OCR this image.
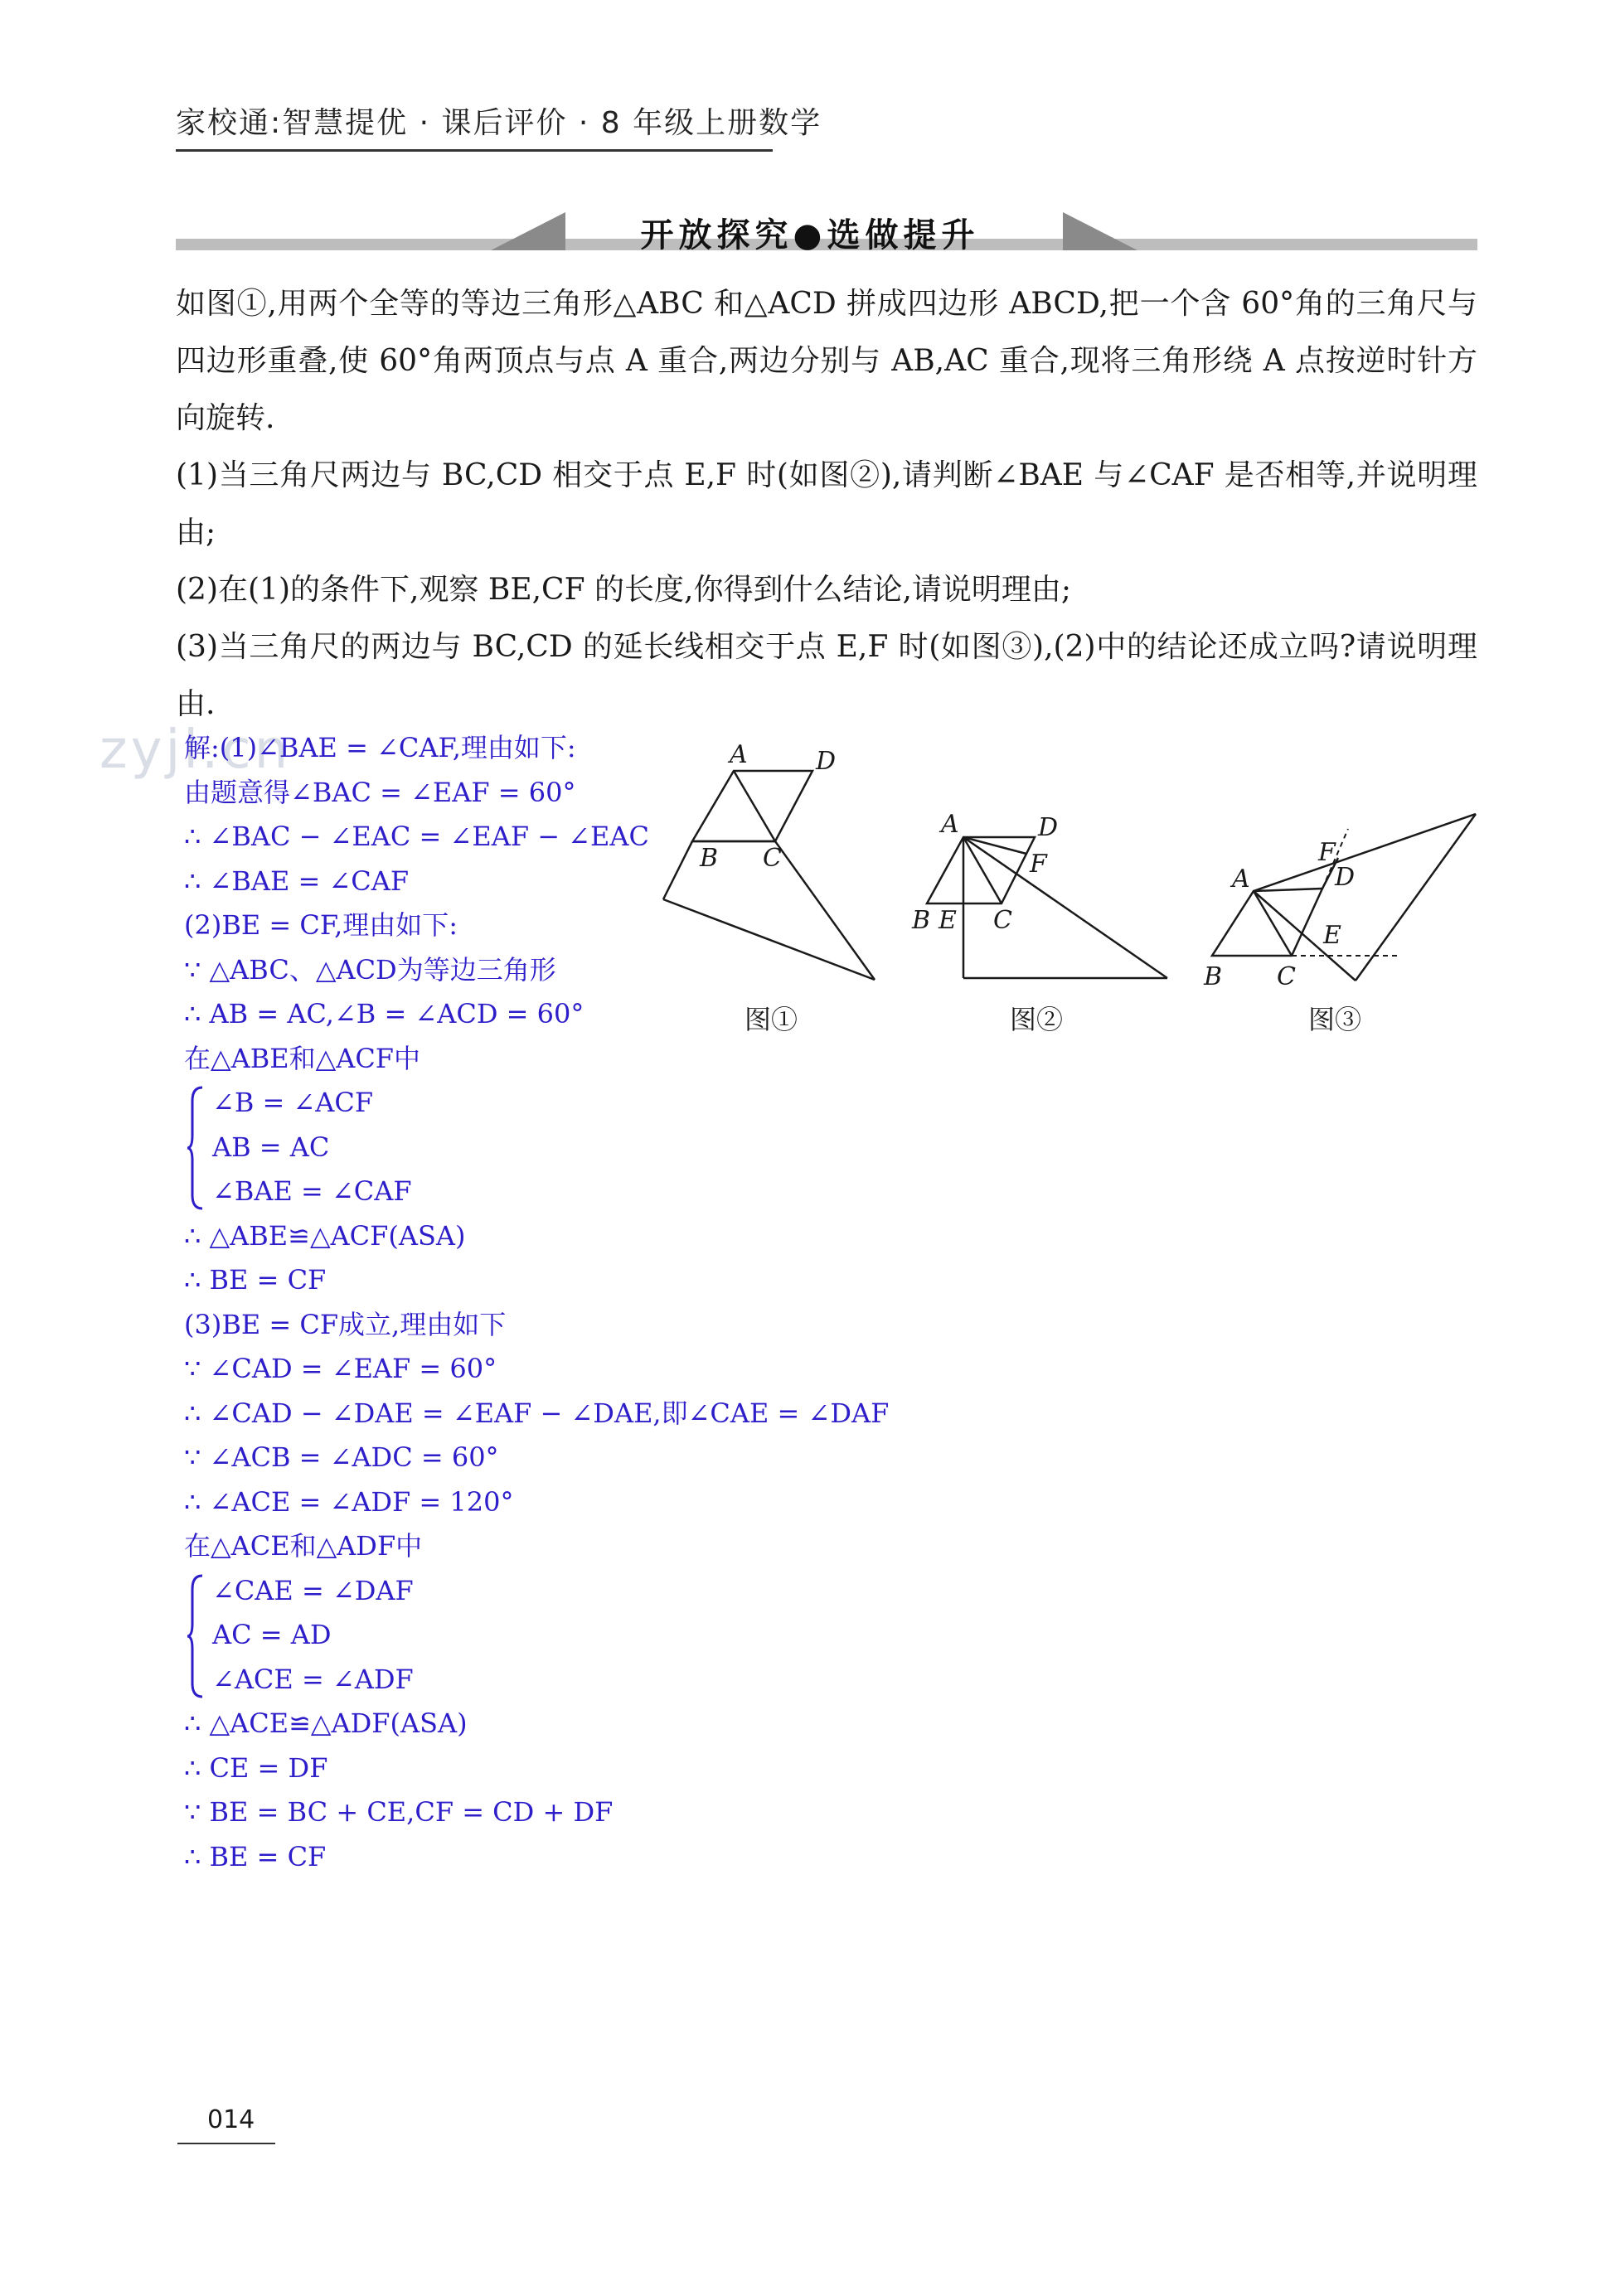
家校通:智慧提优 · 课后评价 · 8 年级上册数学
开放探究●选做提升

如图①,用两个全等的等边三角形△ABC 和△ACD 拼成四边形 ABCD,把一个含 60°角的三角尺与四边形重叠,使 60°角两顶点与点 A 重合,两边分别与 AB,AC 重合,现将三角形绕 A 点按逆时针方向旋转.

(1)当三角尺两边与 BC,CD 相交于点 E,F 时(如图②),请判断∠BAE 与∠CAF 是否相等,并说明理由;

(2)在(1)的条件下,观察 BE,CF 的长度,你得到什么结论,请说明理由;

(3)当三角尺的两边与 BC,CD 的延长线相交于点 E,F 时(如图③),(2)中的结论还成立吗?请说明理由.

zyjl.cn
解:(1)∠BAE = ∠CAF,理由如下:
由题意得∠BAC = ∠EAF = 60°
∴ ∠BAC − ∠EAC = ∠EAF − ∠EAC
∴ ∠BAE = ∠CAF
(2)BE = CF,理由如下:
∵ △ABC、△ACD为等边三角形
∴ AB = AC,∠B = ∠ACD = 60°
在△ABE和△ACF中
∠B = ∠ACF
AB = AC
∠BAE = ∠CAF
∴ △ABE≌△ACF(ASA)
∴ BE = CF
(3)BE = CF成立,理由如下
∵ ∠CAD = ∠EAF = 60°
∴ ∠CAD − ∠DAE = ∠EAF − ∠DAE,即∠CAE = ∠DAF
∵ ∠ACB = ∠ADC = 60°
∴ ∠ACE = ∠ADF = 120°
在△ACE和△ADF中
∠CAE = ∠DAF
AC = AD
∠ACE = ∠ADF
∴ △ACE≌△ADF(ASA)
∴ CE = DF
∵ BE = BC + CE,CF = CD + DF
∴ BE = CF
A	D
B C
图①
A	D
F
B E C
图②
F
A	D
E
B C
图③
014
